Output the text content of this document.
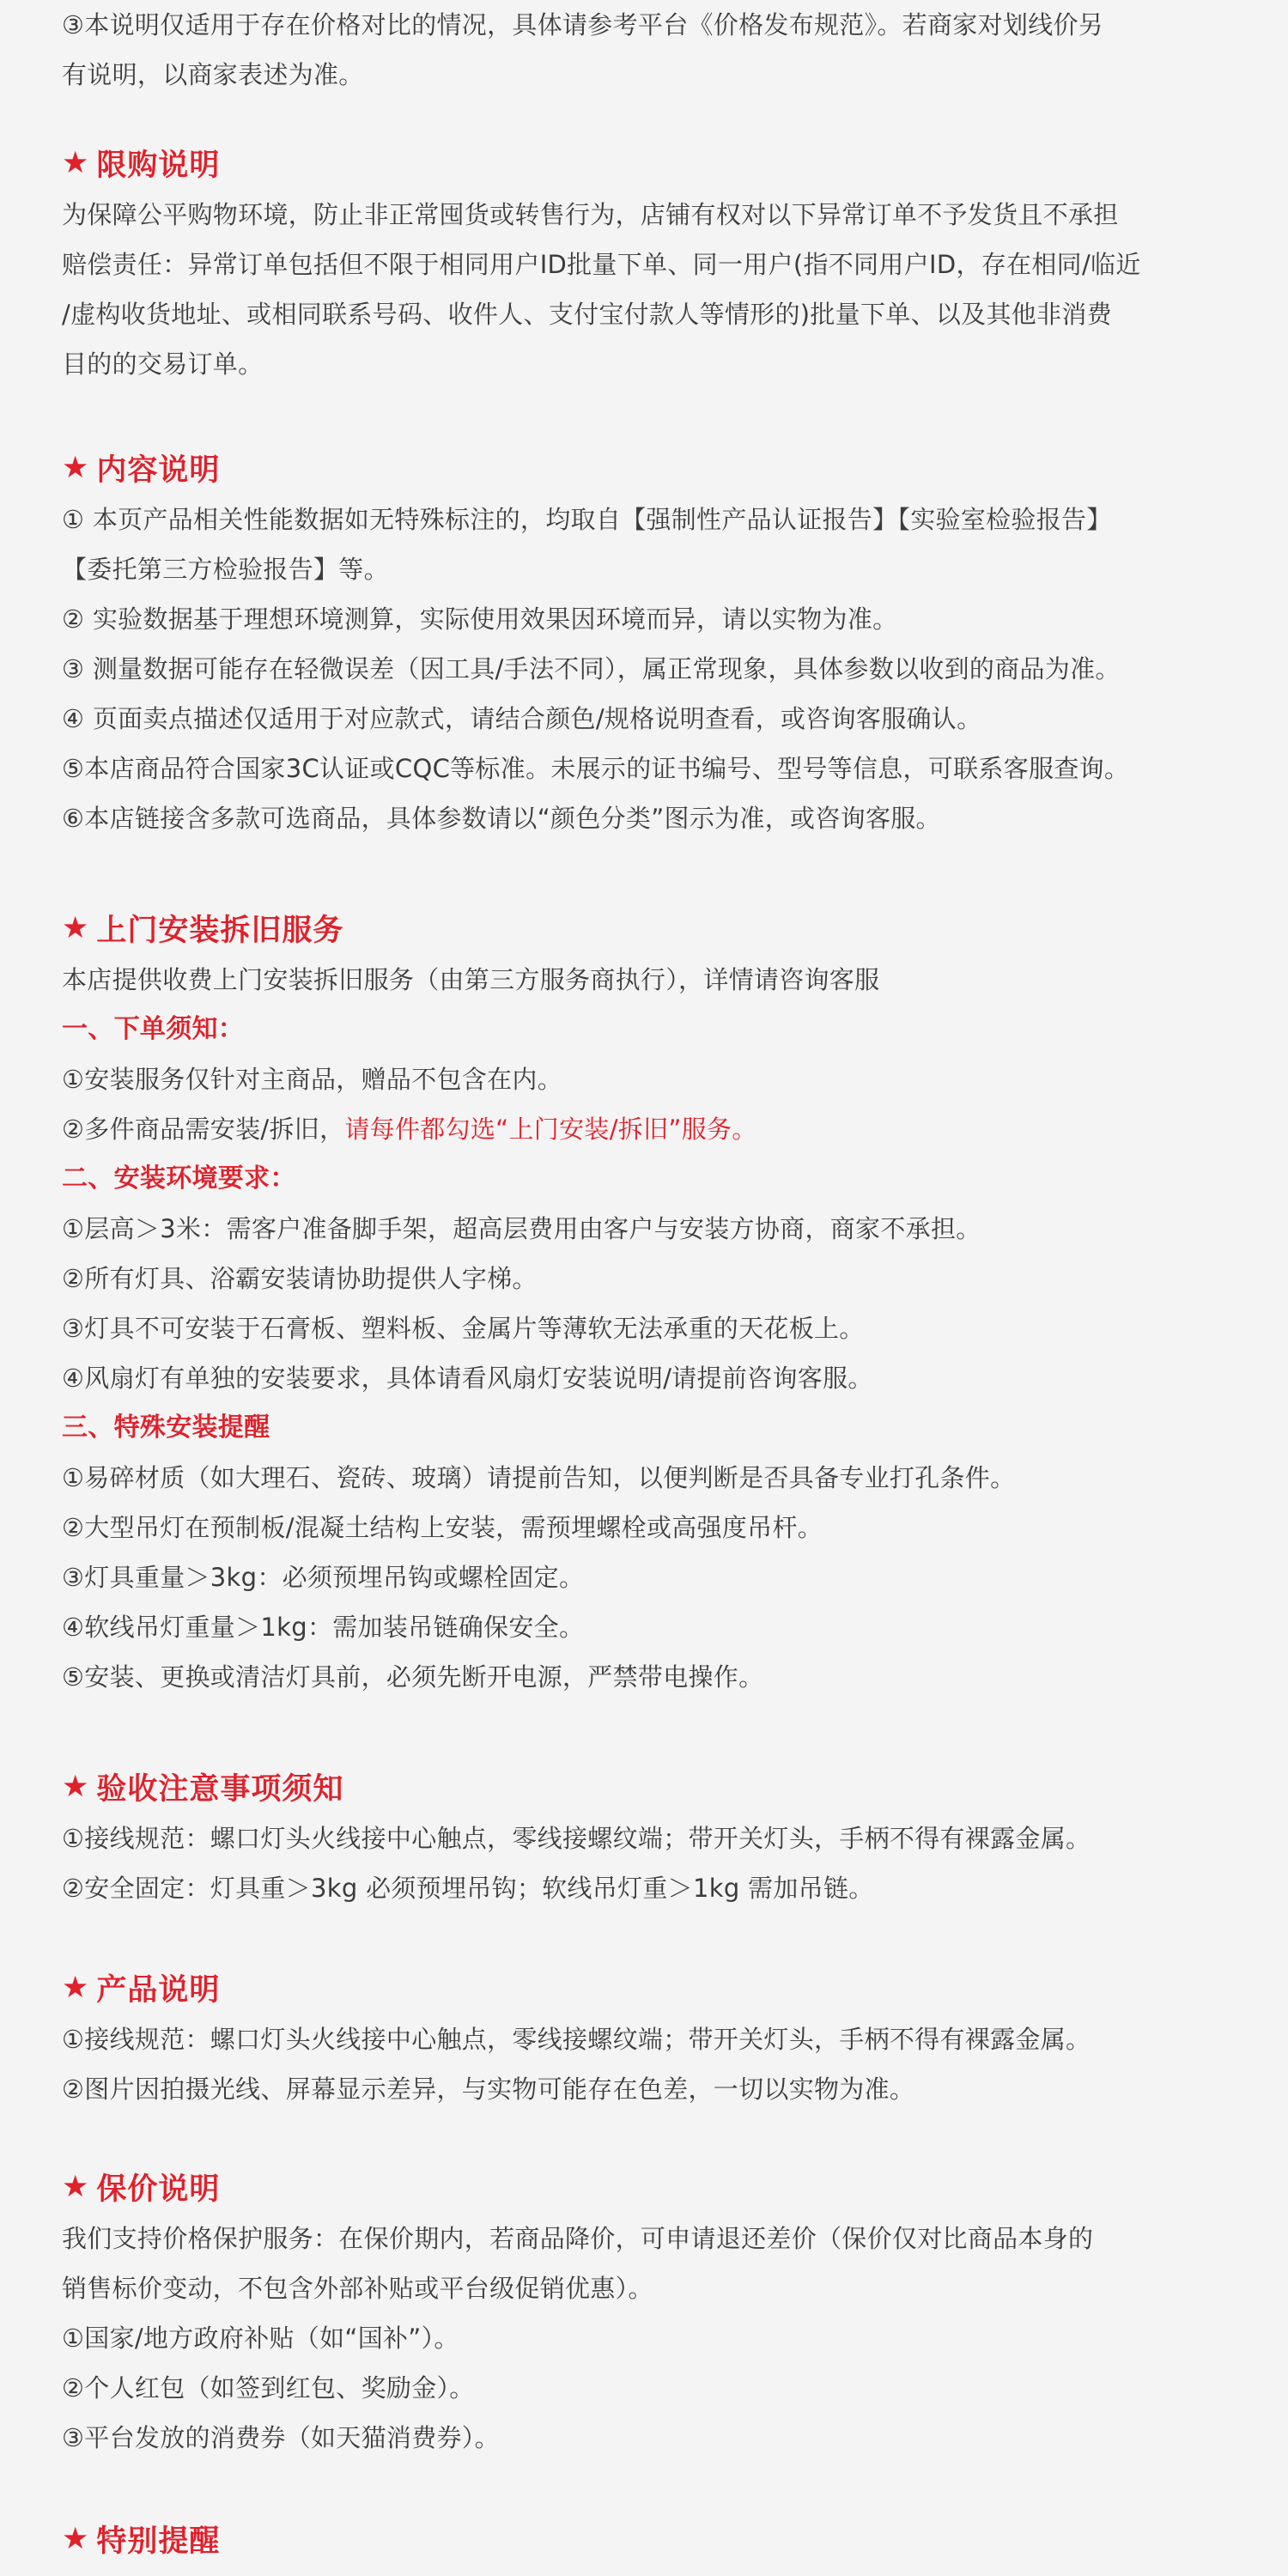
③本说明仅适用于存在价格对比的情况，具体请参考平台《价格发布规范》。若商家对划线价另
有说明，以商家表述为准。
★ 限购说明
为保障公平购物环境，防止非正常囤货或转售行为，店铺有权对以下异常订单不予发货且不承担
赔偿责任：异常订单包括但不限于相同用户ID批量下单、同一用户(指不同用户ID，存在相同/临近
/虚构收货地址、或相同联系号码、收件人、支付宝付款人等情形的)批量下单、以及其他非消费
目的的交易订单。
★ 内容说明
① 本页产品相关性能数据如无特殊标注的，均取自【强制性产品认证报告】【实验室检验报告】
【委托第三方检验报告】等。
② 实验数据基于理想环境测算，实际使用效果因环境而异，请以实物为准。
③ 测量数据可能存在轻微误差（因工具/手法不同），属正常现象，具体参数以收到的商品为准。
④ 页面卖点描述仅适用于对应款式，请结合颜色/规格说明查看，或咨询客服确认。
⑤本店商品符合国家3C认证或CQC等标准。未展示的证书编号、型号等信息，可联系客服查询。
⑥本店链接含多款可选商品，具体参数请以“颜色分类”图示为准，或咨询客服。
★ 上门安装拆旧服务
本店提供收费上门安装拆旧服务（由第三方服务商执行），详情请咨询客服
一、下单须知：
①安装服务仅针对主商品，赠品不包含在内。
②多件商品需安装/拆旧，请每件都勾选“上门安装/拆旧”服务。
二、安装环境要求：
①层高＞3米：需客户准备脚手架，超高层费用由客户与安装方协商，商家不承担。
②所有灯具、浴霸安装请协助提供人字梯。
③灯具不可安装于石膏板、塑料板、金属片等薄软无法承重的天花板上。
④风扇灯有单独的安装要求，具体请看风扇灯安装说明/请提前咨询客服。
三、特殊安装提醒
①易碎材质（如大理石、瓷砖、玻璃）请提前告知，以便判断是否具备专业打孔条件。
②大型吊灯在预制板/混凝土结构上安装，需预埋螺栓或高强度吊杆。
③灯具重量＞3kg：必须预埋吊钩或螺栓固定。
④软线吊灯重量＞1kg：需加装吊链确保安全。
⑤安装、更换或清洁灯具前，必须先断开电源，严禁带电操作。
★ 验收注意事项须知
①接线规范：螺口灯头火线接中心触点，零线接螺纹端；带开关灯头，手柄不得有裸露金属。
②安全固定：灯具重＞3kg 必须预埋吊钩；软线吊灯重＞1kg 需加吊链。
★ 产品说明
①接线规范：螺口灯头火线接中心触点，零线接螺纹端；带开关灯头，手柄不得有裸露金属。
②图片因拍摄光线、屏幕显示差异，与实物可能存在色差，一切以实物为准。
★ 保价说明
我们支持价格保护服务：在保价期内，若商品降价，可申请退还差价（保价仅对比商品本身的
销售标价变动，不包含外部补贴或平台级促销优惠）。
①国家/地方政府补贴（如“国补”）。
②个人红包（如签到红包、奖励金）。
③平台发放的消费券（如天猫消费券）。
★ 特别提醒
